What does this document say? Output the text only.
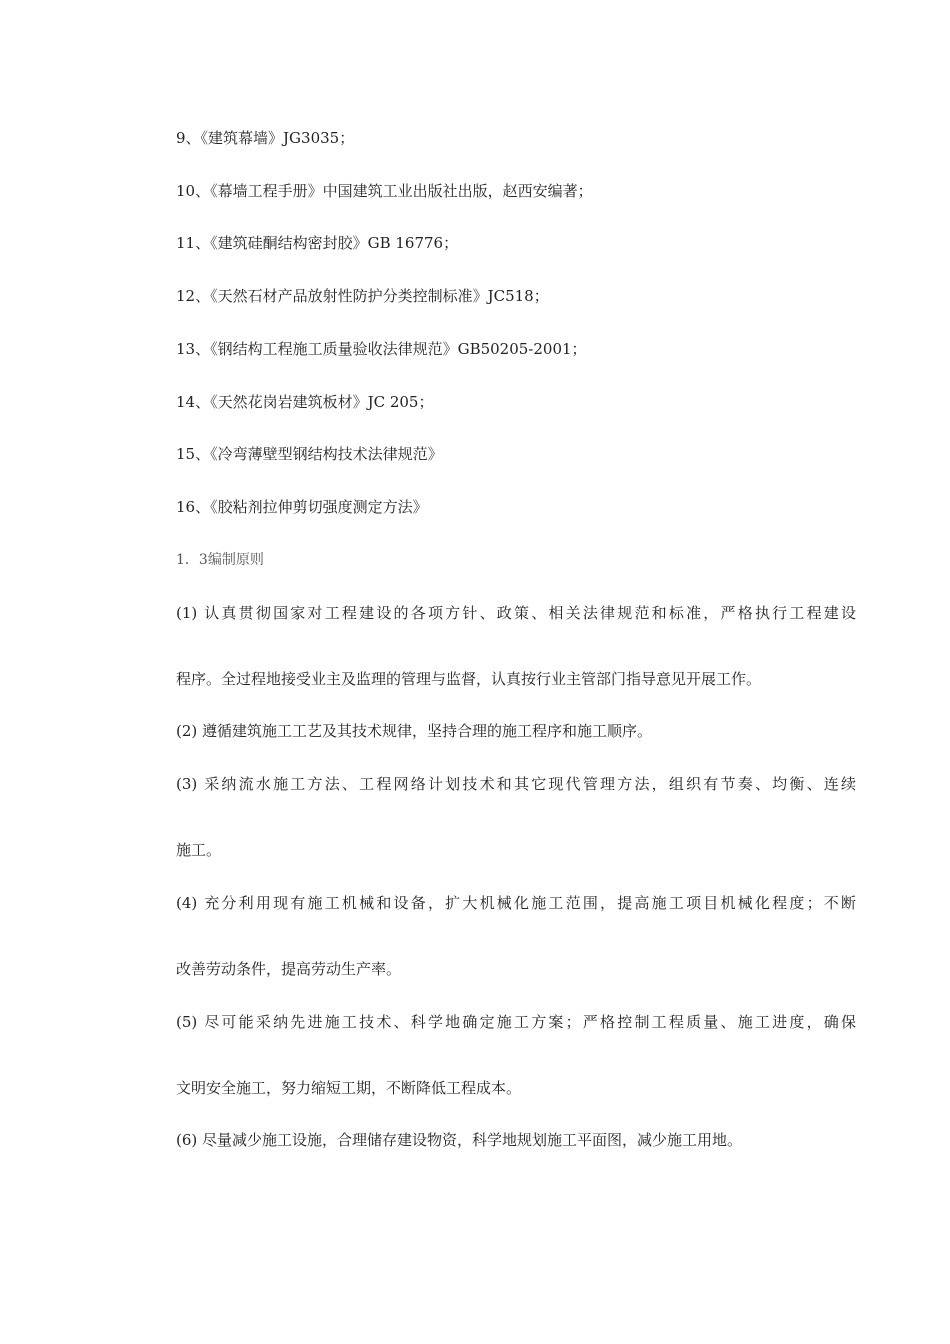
9、《建筑幕墙》JG3035；
10、《幕墙工程手册》中国建筑工业出版社出版，赵西安编著；
11、《建筑硅酮结构密封胶》GB 16776；
12、《天然石材产品放射性防护分类控制标准》JC518；
13、《钢结构工程施工质量验收法律规范》GB50205-2001；
14、《天然花岗岩建筑板材》JC 205；
15、《冷弯薄壁型钢结构技术法律规范》
16、《胶粘剂拉伸剪切强度测定方法》
1．3编制原则
(1) 认真贯彻国家对工程建设的各项方针、政策、相关法律规范和标准，严格执行工程建设
程序。全过程地接受业主及监理的管理与监督，认真按行业主管部门指导意见开展工作。
(2) 遵循建筑施工工艺及其技术规律，坚持合理的施工程序和施工顺序。
(3) 采纳流水施工方法、工程网络计划技术和其它现代管理方法，组织有节奏、均衡、连续
施工。
(4) 充分利用现有施工机械和设备，扩大机械化施工范围，提高施工项目机械化程度；不断
改善劳动条件，提高劳动生产率。
(5) 尽可能采纳先进施工技术、科学地确定施工方案；严格控制工程质量、施工进度，确保
文明安全施工，努力缩短工期，不断降低工程成本。
(6) 尽量减少施工设施，合理储存建设物资，科学地规划施工平面图，减少施工用地。
